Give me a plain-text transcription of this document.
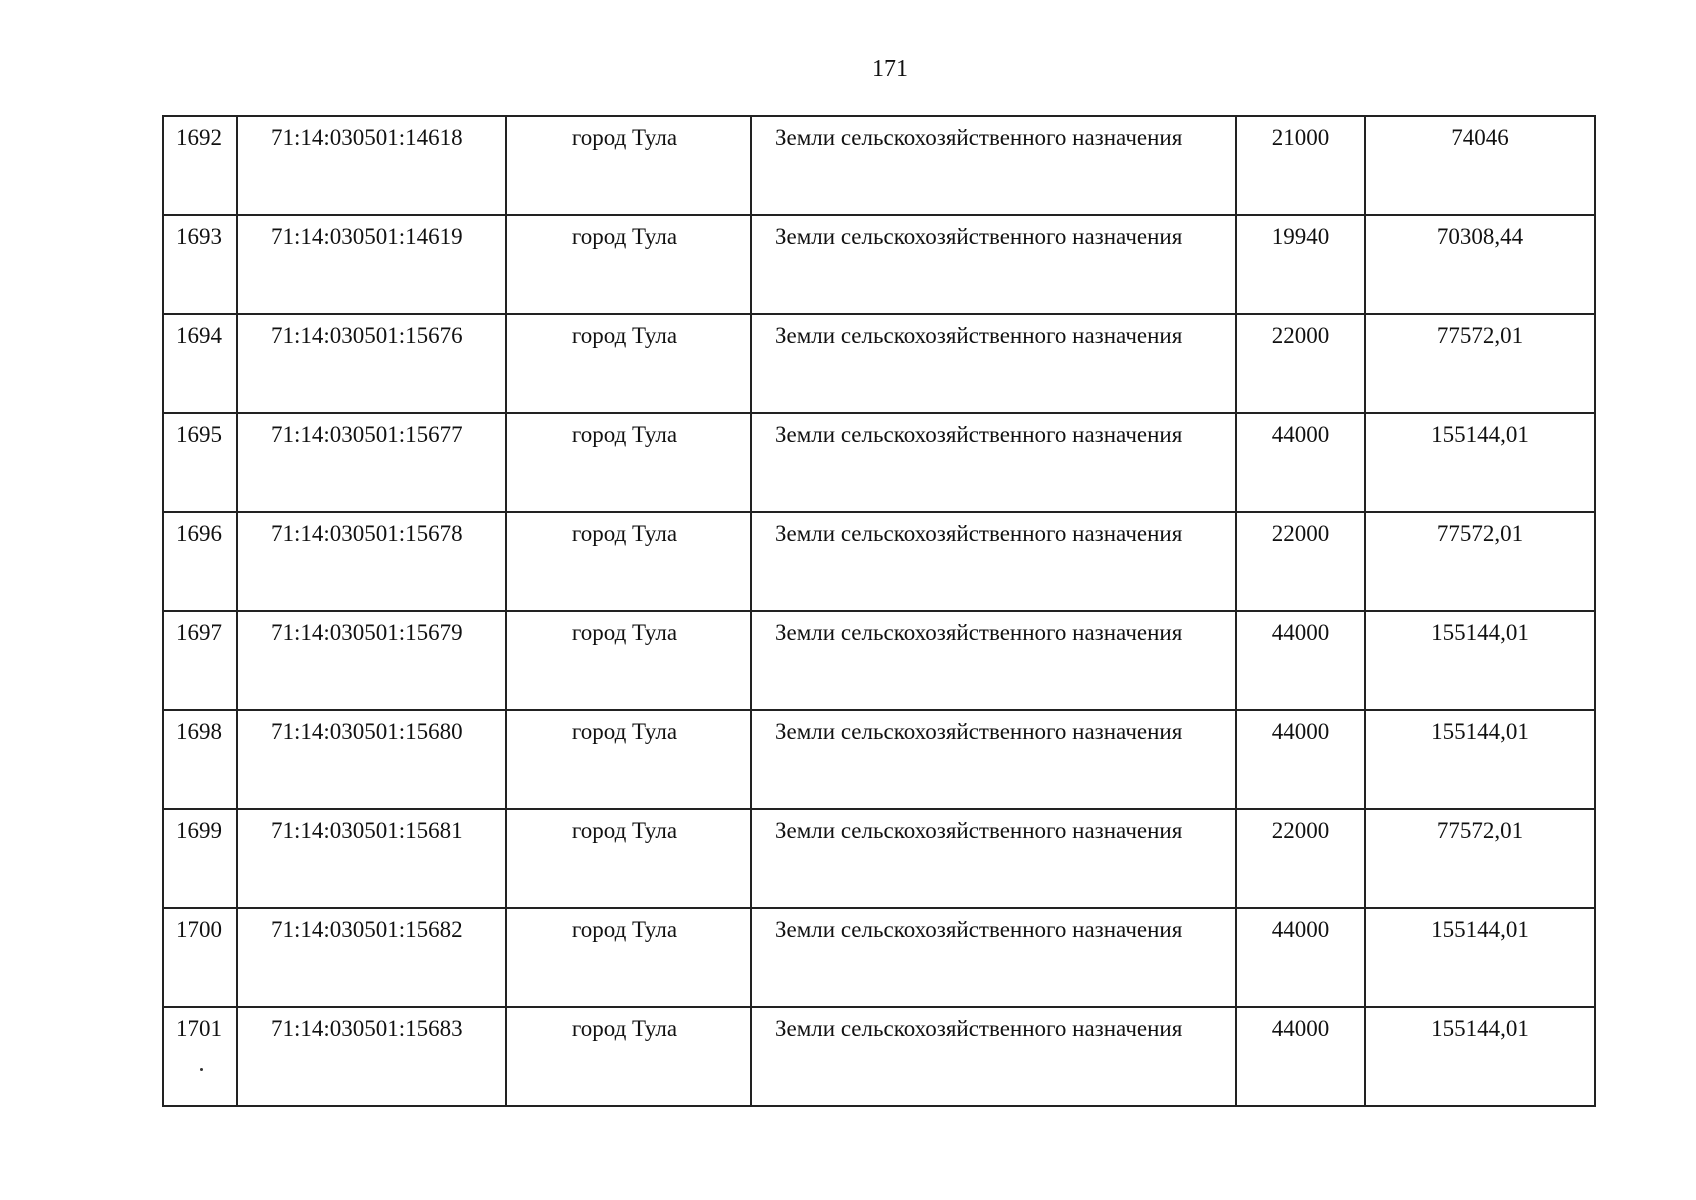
171
1692	71:14:030501:14618	город Тула	Земли сельскохозяйственного назначения	21000	74046
1693	71:14:030501:14619	город Тула	Земли сельскохозяйственного назначения	19940	70308,44
1694	71:14:030501:15676	город Тула	Земли сельскохозяйственного назначения	22000	77572,01
1695	71:14:030501:15677	город Тула	Земли сельскохозяйственного назначения	44000	155144,01
1696	71:14:030501:15678	город Тула	Земли сельскохозяйственного назначения	22000	77572,01
1697	71:14:030501:15679	город Тула	Земли сельскохозяйственного назначения	44000	155144,01
1698	71:14:030501:15680	город Тула	Земли сельскохозяйственного назначения	44000	155144,01
1699	71:14:030501:15681	город Тула	Земли сельскохозяйственного назначения	22000	77572,01
1700	71:14:030501:15682	город Тула	Земли сельскохозяйственного назначения	44000	155144,01
1701	71:14:030501:15683	город Тула	Земли сельскохозяйственного назначения	44000	155144,01
